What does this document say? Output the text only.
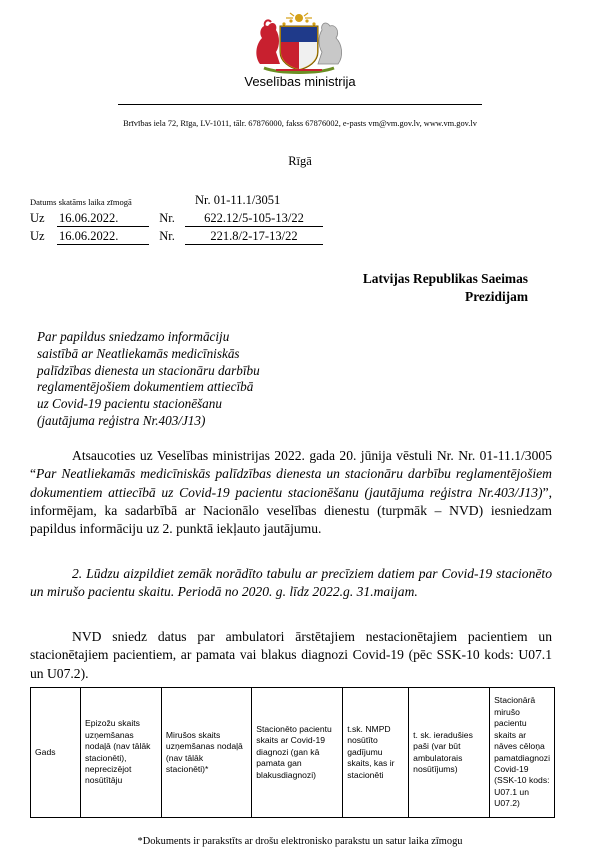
Veselības ministrija
Brīvības iela 72, Rīga, LV-1011, tālr. 67876000, fakss 67876002, e-pasts vm@vm.gov.lv, www.vm.gov.lv
Rīgā
Datums skatāms laika zīmogā	Nr. 01-11.1/3051
Uz 16.06.2022.	Nr. 622.12/5-105-13/22
Uz 16.06.2022.	Nr.	221.8/2-17-13/22
Latvijas Republikas Saeimas
Prezidijam
Par papildus sniedzamo informāciju
saistībā ar Neatliekamās medicīniskās
palīdzības dienesta un stacionāru darbību
reglamentējošiem dokumentiem attiecībā
uz Covid-19 pacientu stacionēšanu
(jautājuma reģistra Nr.403/J13)
Atsaucoties uz Veselības ministrijas 2022. gada 20. jūnija vēstuli Nr. Nr. 01-11.1/3005 “Par Neatliekamās medicīniskās palīdzības dienesta un stacionāru darbību reglamentējošiem dokumentiem attiecībā uz Covid-19 pacientu stacionēšanu (jautājuma reģistra Nr.403/J13)”, informējam, ka sadarbībā ar Nacionālo veselības dienestu (turpmāk – NVD) iesniedzam papildus informāciju uz 2. punktā iekļauto jautājumu.
2. Lūdzu aizpildiet zemāk norādīto tabulu ar precīziem datiem par Covid-19 stacionēto un mirušo pacientu skaitu. Periodā no 2020. g. līdz 2022.g. 31.maijam.
NVD sniedz datus par ambulatori ārstētajiem nestacionētajiem pacientiem un stacionētajiem pacientiem, ar pamata vai blakus diagnozi Covid-19 (pēc SSK-10 kods: U07.1 un U07.2).
Gads	Epizožu skaits uzņemšanas nodaļā (nav tālāk stacionēti), neprecizējot nosūtītāju	Mirušos skaits uzņemšanas nodaļā (nav tālāk stacionēti)*	Stacionēto pacientu skaits ar Covid-19 diagnozi (gan kā pamata gan blakusdiagnozi)	t.sk. NMPD nosūtīto gadījumu skaits, kas ir stacionēti	t. sk. ieradušies paši (var būt ambulatorais nosūtījums)	Stacionārā mirušo pacientu skaits ar nāves cēloņa pamatdiagnozi Covid-19 (SSK-10 kods: U07.1 un U07.2)
*Dokuments ir parakstīts ar drošu elektronisko parakstu un satur laika zīmogu
